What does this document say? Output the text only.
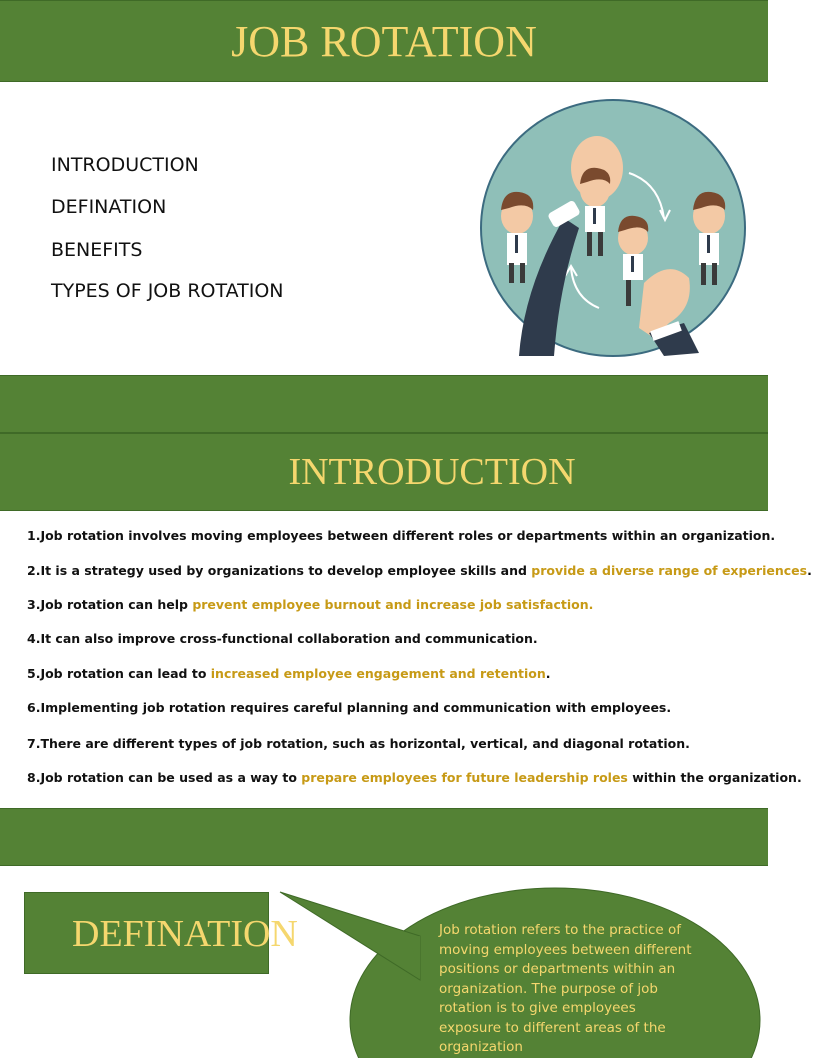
JOB ROTATION
INTRODUCTION
DEFINATION
BENEFITS
TYPES OF JOB ROTATION
INTRODUCTION
1.Job rotation involves moving employees between different roles or departments within an organization.
2.It is a strategy used by organizations to develop employee skills and provide a diverse range of experiences.
3.Job rotation can help prevent employee burnout and increase job satisfaction.
4.It can also improve cross-functional collaboration and communication.
5.Job rotation can lead to increased employee engagement and retention.
6.Implementing job rotation requires careful planning and communication with employees.
7.There are different types of job rotation, such as horizontal, vertical, and diagonal rotation.
8.Job rotation can be used as a way to prepare employees for future leadership roles within the organization.
DEFINATION	Job rotation refers to the practice of moving employees between different positions or departments within an organization. The purpose of job rotation is to give employees exposure to different areas of the organization
